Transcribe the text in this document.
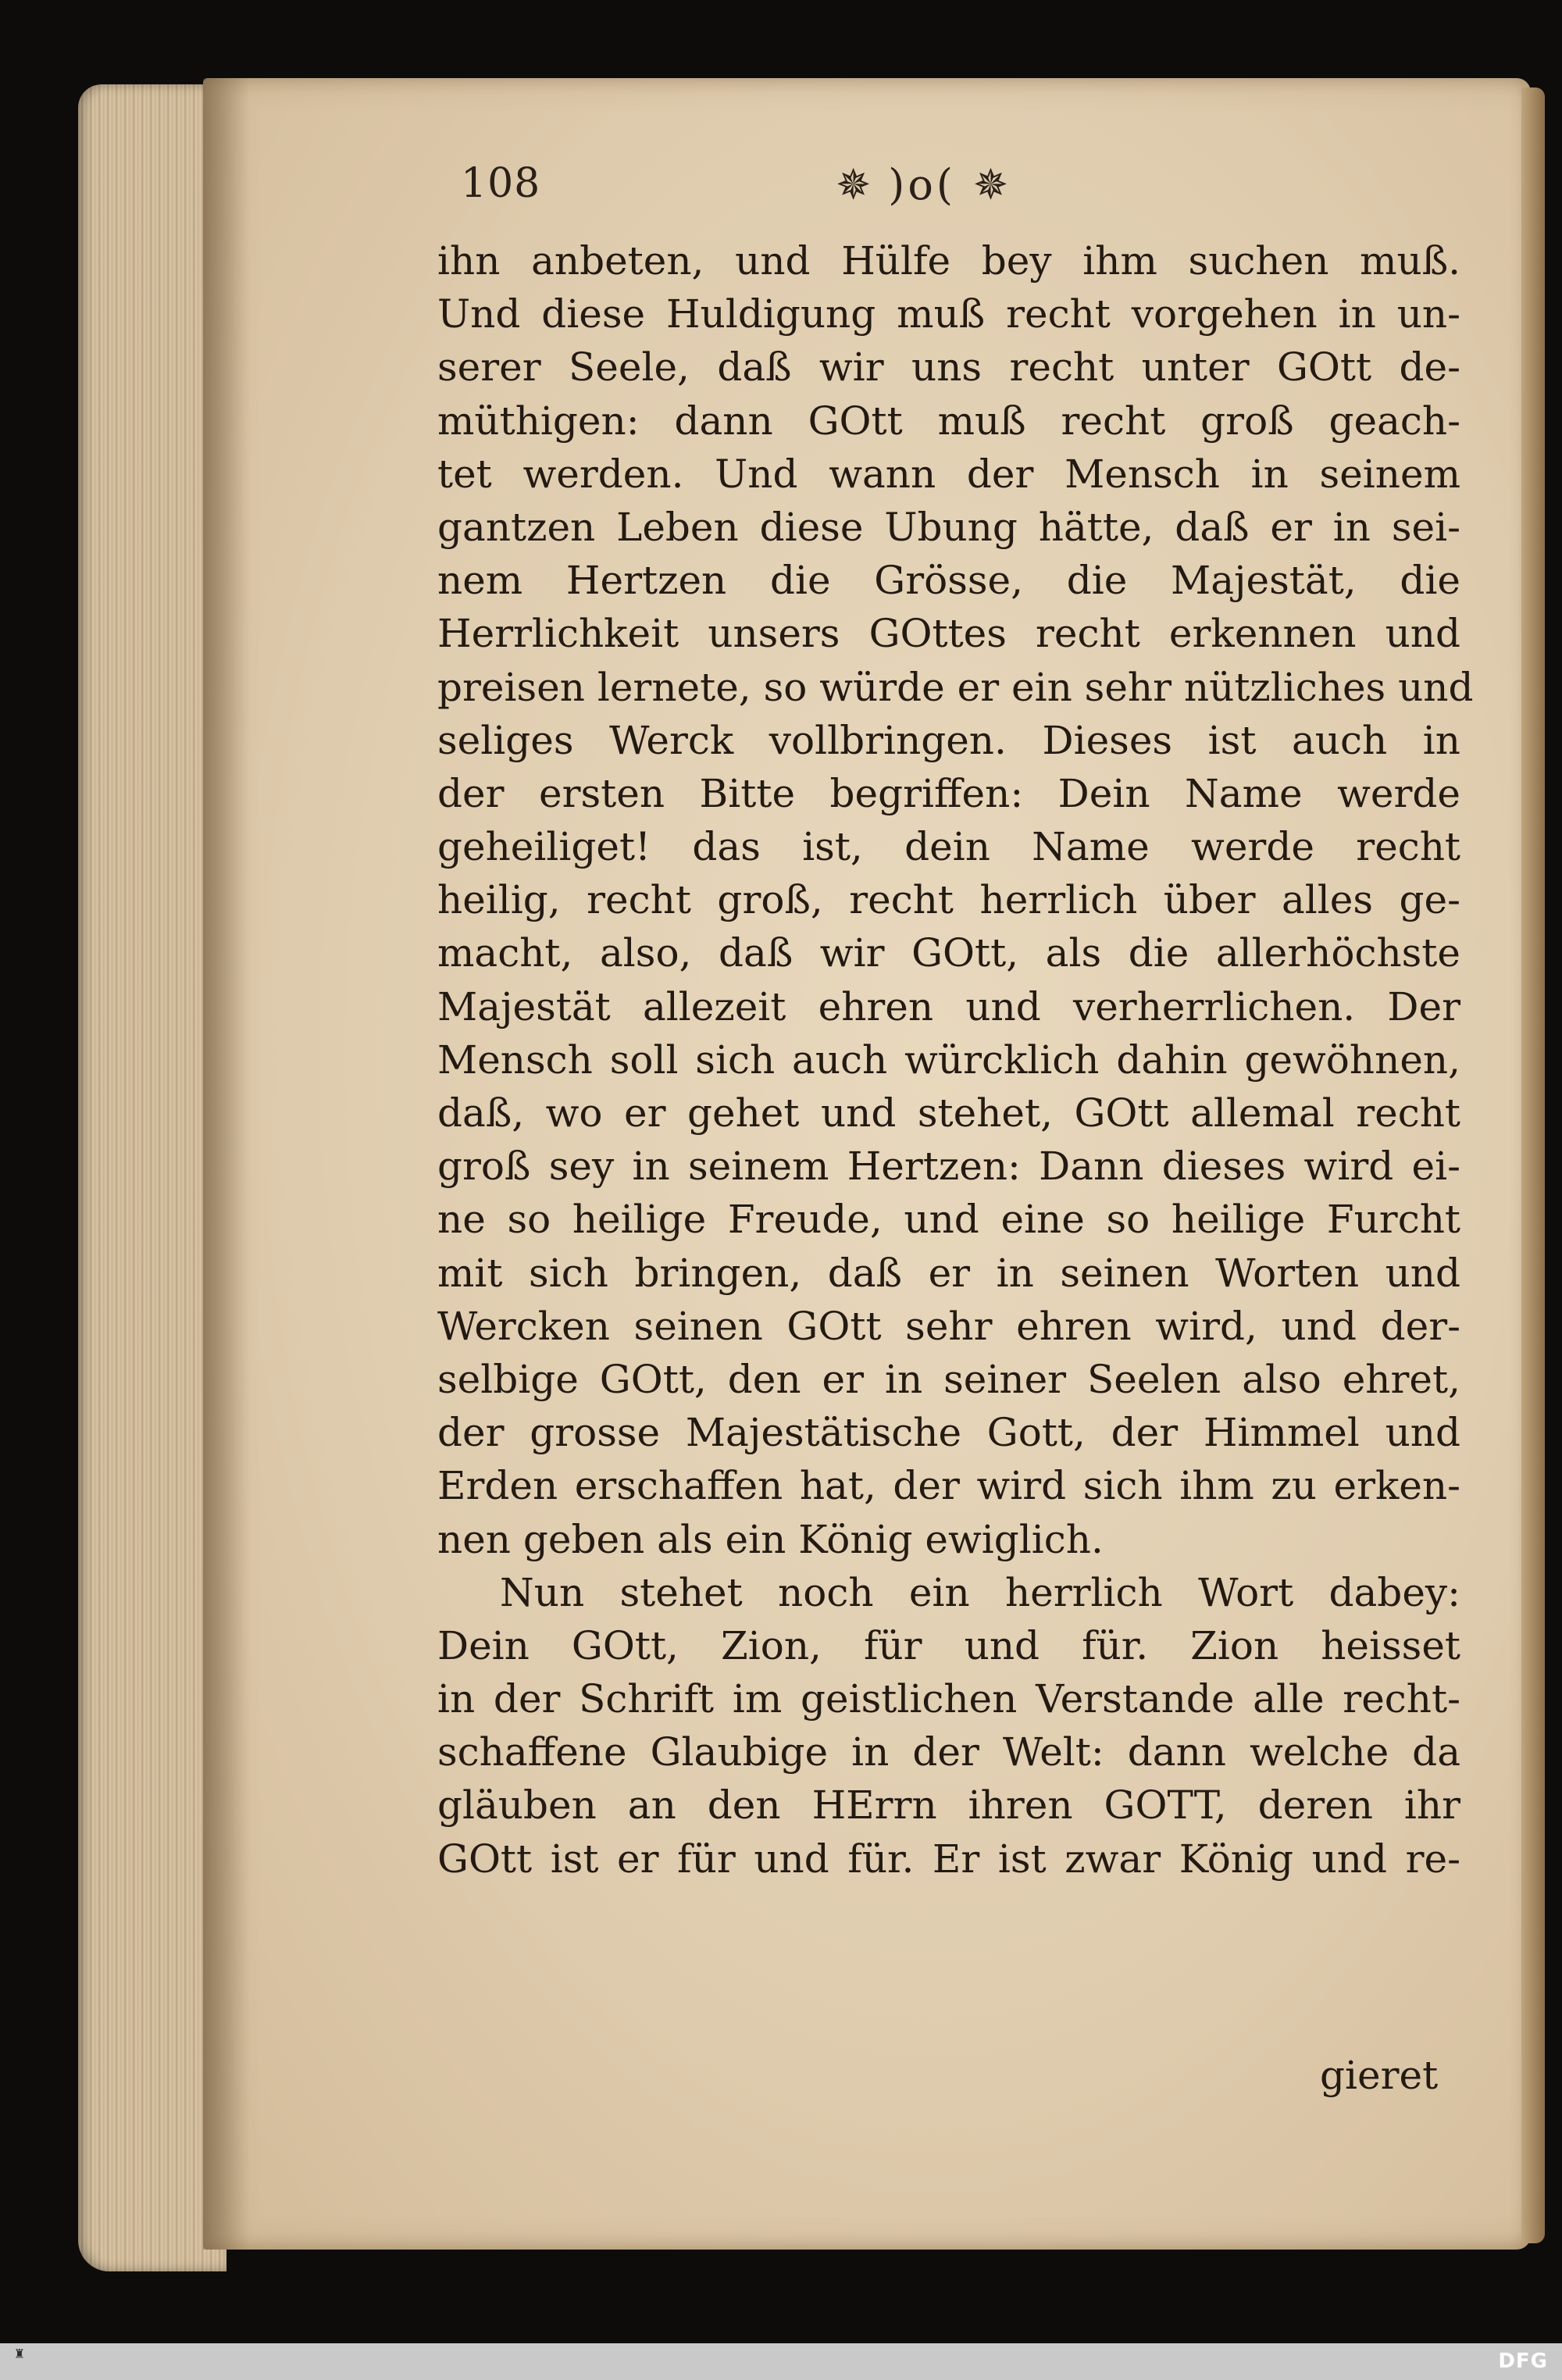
108	✵ )o( ✵
ihn anbeten, und Hülfe bey ihm suchen muß.
Und diese Huldigung muß recht vorgehen in un-
serer Seele, daß wir uns recht unter GOtt de-
müthigen: dann GOtt muß recht groß geach-
tet werden. Und wann der Mensch in seinem
gantzen Leben diese Ubung hätte, daß er in sei-
nem Hertzen die Grösse, die Majestät, die
Herrlichkeit unsers GOttes recht erkennen und
preisen lernete, so würde er ein sehr nützliches und
seliges Werck vollbringen. Dieses ist auch in
der ersten Bitte begriffen: Dein Name werde
geheiliget! das ist, dein Name werde recht
heilig, recht groß, recht herrlich über alles ge-
macht, also, daß wir GOtt, als die allerhöchste
Majestät allezeit ehren und verherrlichen. Der
Mensch soll sich auch würcklich dahin gewöhnen,
daß, wo er gehet und stehet, GOtt allemal recht
groß sey in seinem Hertzen: Dann dieses wird ei-
ne so heilige Freude, und eine so heilige Furcht
mit sich bringen, daß er in seinen Worten und
Wercken seinen GOtt sehr ehren wird, und der-
selbige GOtt, den er in seiner Seelen also ehret,
der grosse Majestätische Gott, der Himmel und
Erden erschaffen hat, der wird sich ihm zu erken-
nen geben als ein König ewiglich.
Nun stehet noch ein herrlich Wort dabey:
Dein GOtt, Zion, für und für. Zion heisset
in der Schrift im geistlichen Verstande alle recht-
schaffene Glaubige in der Welt: dann welche da
gläuben an den HErrn ihren GOTT, deren ihr
GOtt ist er für und für. Er ist zwar König und re-
gieret
♜	DFG
